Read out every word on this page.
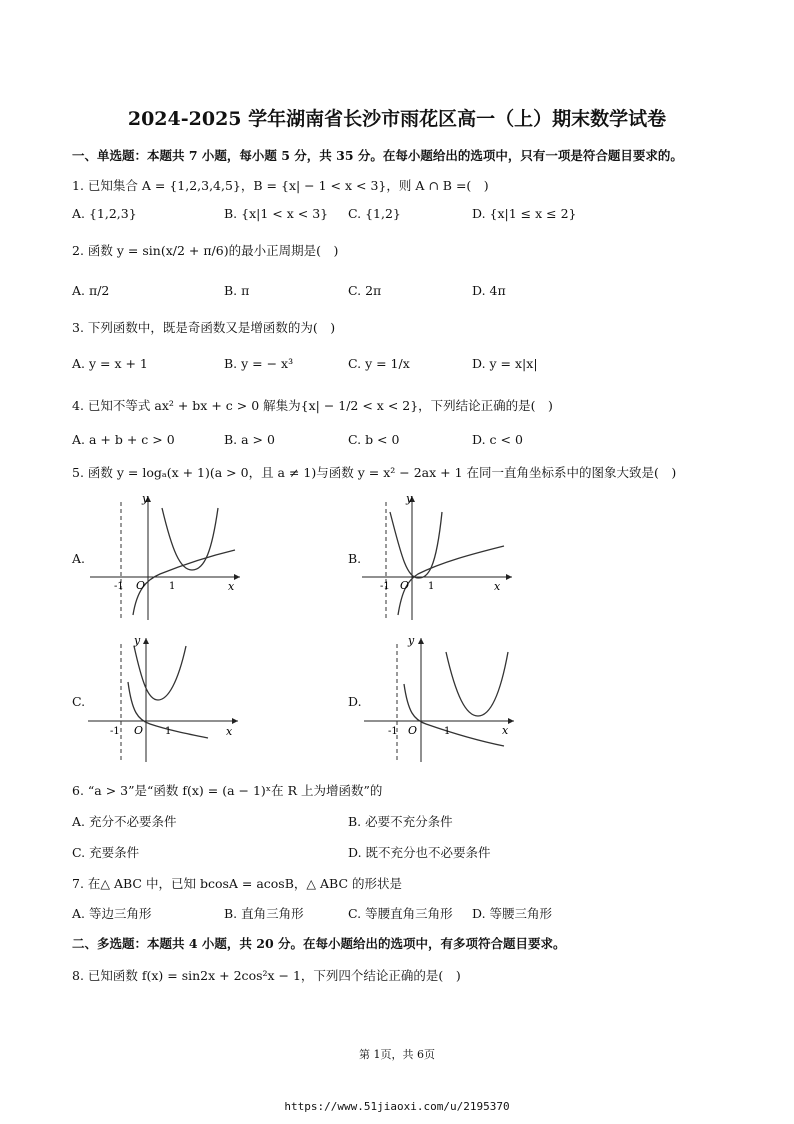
2024-2025 学年湖南省长沙市雨花区高一（上）期末数学试卷
一、单选题：本题共 7 小题，每小题 5 分，共 35 分。在每小题给出的选项中，只有一项是符合题目要求的。
1. 已知集合 A = {1,2,3,4,5}，B = {x| − 1 < x < 3}，则 A ∩ B =(　)
A. {1,2,3}	B. {x|1 < x < 3} C. {1,2}	D. {x|1 ≤ x ≤ 2}
2. 函数 y = sin(x/2 + π/6)的最小正周期是(　)
A. π/2	B. π	C. 2π	D. 4π
3. 下列函数中，既是奇函数又是增函数的为(　)
A. y = x + 1	B. y = − x³	C. y = 1/x	D. y = x|x|
4. 已知不等式 ax² + bx + c > 0 解集为{x| − 1/2 < x < 2}，下列结论正确的是(　)
A. a + b + c > 0	B. a > 0	C. b < 0	D. c < 0
5. 函数 y = logₐ(x + 1)(a > 0，且 a ≠ 1)与函数 y = x² − 2ax + 1 在同一直角坐标系中的图象大致是(　)
A.
y
x
O
-1	1
B.
y
x
O
-1	1
C.
y
x
O
-1	1
D.
y
x
O
-1	1
6. “a > 3”是“函数 f(x) = (a − 1)ˣ在 R 上为增函数”的
A. 充分不必要条件	B. 必要不充分条件
C. 充要条件	D. 既不充分也不必要条件
7. 在△ ABC 中，已知 bcosA = acosB，△ ABC 的形状是
A. 等边三角形	B. 直角三角形	C. 等腰直角三角形 D. 等腰三角形
二、多选题：本题共 4 小题，共 20 分。在每小题给出的选项中，有多项符合题目要求。
8. 已知函数 f(x) = sin2x + 2cos²x − 1，下列四个结论正确的是(　)
第 1页，共 6页
https://www.51jiaoxi.com/u/2195370
